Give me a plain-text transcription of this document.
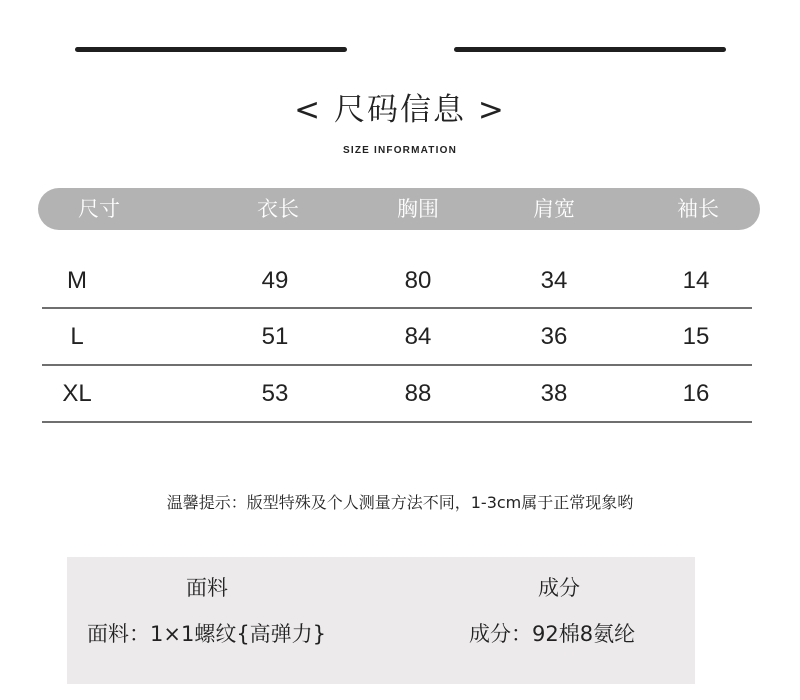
< 尺码信息 >
SIZE INFORMATION
尺寸	衣长	胸围	肩宽	袖长
M	49	80	34	14
L	51	84	36	15
XL	53	88	38	16
温馨提示：版型特殊及个人测量方法不同，1-3cm属于正常现象哟
面料	成分
面料：1×1螺纹{高弹力}	成分：92棉8氨纶
